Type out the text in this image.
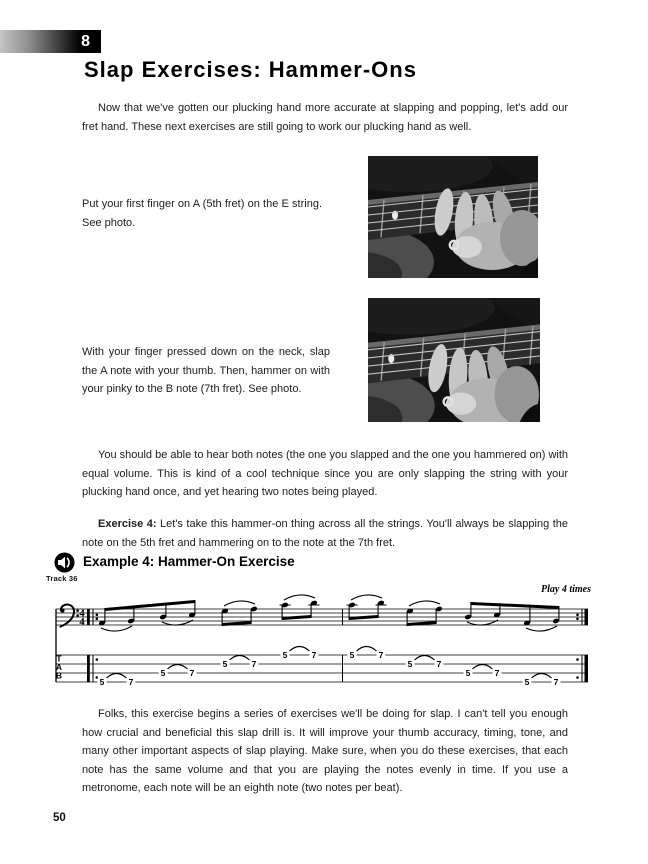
8
Slap Exercises: Hammer-Ons

Now that we've gotten our plucking hand more accurate at slapping and popping, let's add our fret hand. These next exercises are still going to work our plucking hand as well.

Put your first finger on A (5th fret) on the E string. See photo.

With your finger pressed down on the neck, slap the A note with your thumb. Then, hammer on with your pinky to the B note (7th fret). See photo.

You should be able to hear both notes (the one you slapped and the one you hammered on) with equal volume. This is kind of a cool technique since you are only slapping the string with your plucking hand once, and yet hearing two notes being played.

Exercise 4: Let's take this hammer-on thing across all the strings. You'll always be slapping the note on the 5th fret and hammering on to the note at the 7th fret.

Example 4: Hammer-On Exercise
Track 36
Play 4 times
4
4
T
A
B
5	7
5	7
5	7
5	7	5	7
5	7
5	7
5	7

Folks, this exercise begins a series of exercises we'll be doing for slap. I can't tell you enough how crucial and beneficial this slap drill is. It will improve your thumb accuracy, timing, tone, and many other important aspects of slap playing. Make sure, when you do these exercises, that each note has the same volume and that you are playing the notes evenly in time. If you use a metronome, each note will be an eighth note (two notes per beat).

50
